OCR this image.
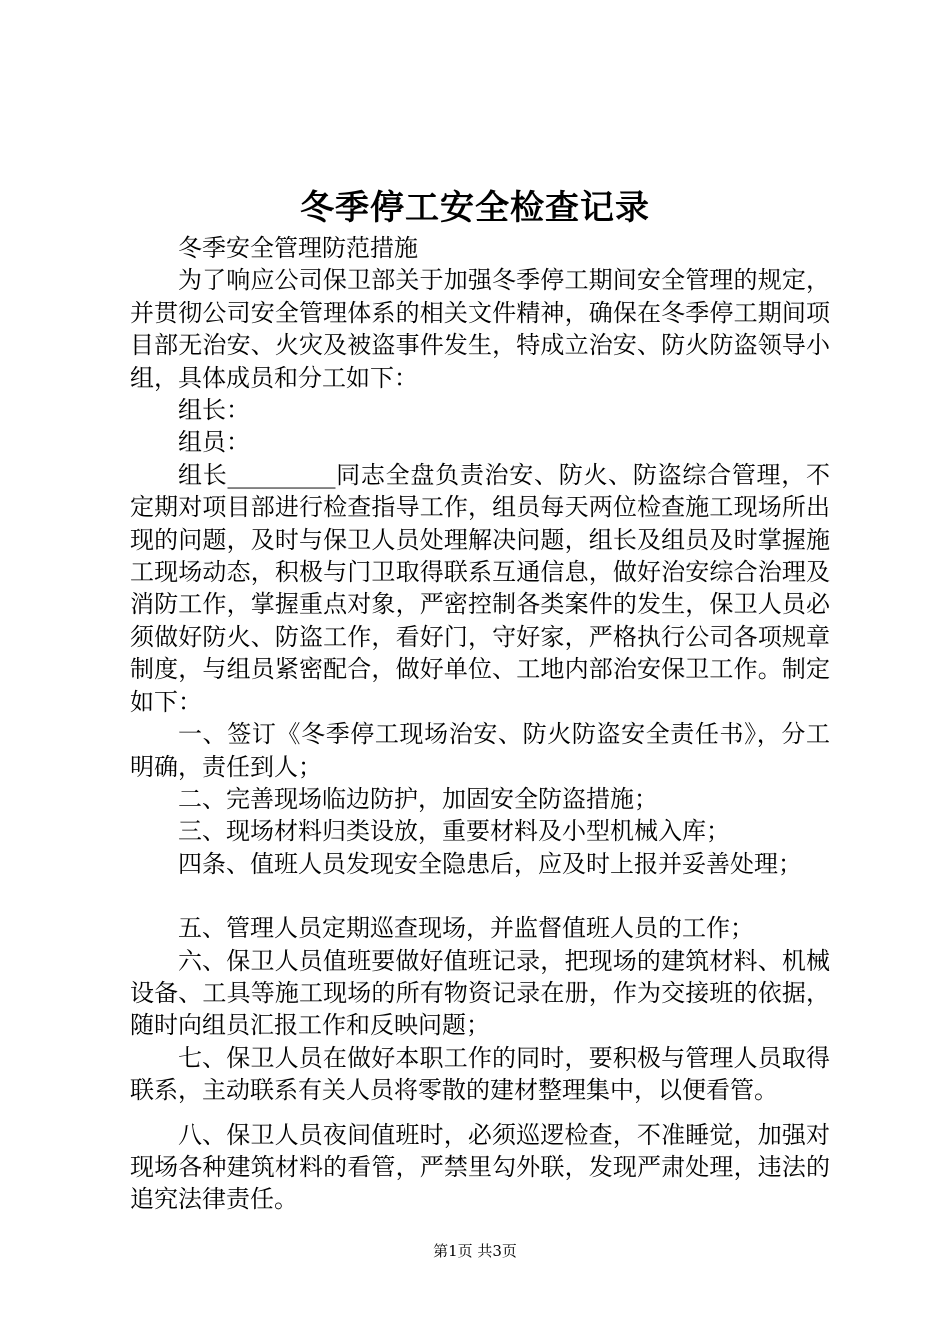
冬季停工安全检查记录

冬季安全管理防范措施

为了响应公司保卫部关于加强冬季停工期间安全管理的规定，并贯彻公司安全管理体系的相关文件精神，确保在冬季停工期间项目部无治安、火灾及被盗事件发生，特成立治安、防火防盗领导小组，具体成员和分工如下：

组长：

组员：

组长_________同志全盘负责治安、防火、防盗综合管理，不定期对项目部进行检查指导工作，组员每天两位检查施工现场所出现的问题，及时与保卫人员处理解决问题，组长及组员及时掌握施工现场动态，积极与门卫取得联系互通信息，做好治安综合治理及消防工作，掌握重点对象，严密控制各类案件的发生，保卫人员必须做好防火、防盗工作，看好门，守好家，严格执行公司各项规章制度，与组员紧密配合，做好单位、工地内部治安保卫工作。制定如下：

一、签订《冬季停工现场治安、防火防盗安全责任书》，分工明确，责任到人；

二、完善现场临边防护，加固安全防盗措施；

三、现场材料归类设放，重要材料及小型机械入库；

四条、值班人员发现安全隐患后，应及时上报并妥善处理；

五、管理人员定期巡查现场，并监督值班人员的工作；

六、保卫人员值班要做好值班记录，把现场的建筑材料、机械设备、工具等施工现场的所有物资记录在册，作为交接班的依据，随时向组员汇报工作和反映问题；

七、保卫人员在做好本职工作的同时，要积极与管理人员取得联系，主动联系有关人员将零散的建材整理集中，以便看管。

八、保卫人员夜间值班时，必须巡逻检查，不准睡觉，加强对现场各种建筑材料的看管，严禁里勾外联，发现严肃处理，违法的追究法律责任。

第1页 共3页
